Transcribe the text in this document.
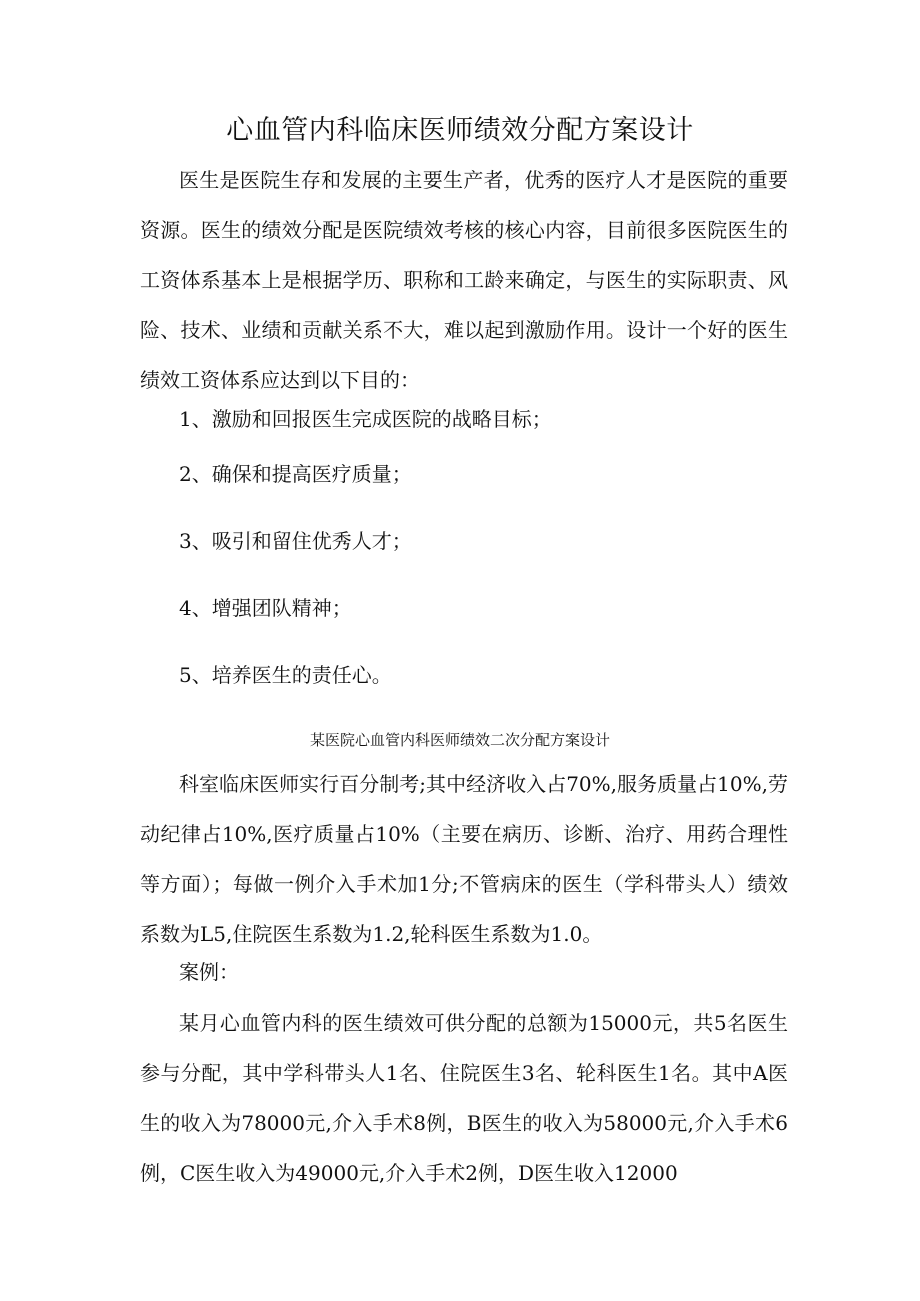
心血管内科临床医师绩效分配方案设计

医生是医院生存和发展的主要生产者，优秀的医疗人才是医院的重要资源。医生的绩效分配是医院绩效考核的核心内容，目前很多医院医生的工资体系基本上是根据学历、职称和工龄来确定，与医生的实际职责、风险、技术、业绩和贡献关系不大，难以起到激励作用。设计一个好的医生绩效工资体系应达到以下目的：

1、激励和回报医生完成医院的战略目标；
2、确保和提高医疗质量；
3、吸引和留住优秀人才；
4、增强团队精神；
5、培养医生的责任心。
某医院心血管内科医师绩效二次分配方案设计

科室临床医师实行百分制考;其中经济收入占70%,服务质量占10%,劳动纪律占10%,医疗质量占10%（主要在病历、诊断、治疗、用药合理性等方面）；每做一例介入手术加1分;不管病床的医生（学科带头人）绩效系数为L5,住院医生系数为1.2,轮科医生系数为1.0。

案例：

某月心血管内科的医生绩效可供分配的总额为15000元，共5名医生参与分配，其中学科带头人1名、住院医生3名、轮科医生1名。其中A医生的收入为78000元,介入手术8例，B医生的收入为58000元,介入手术6例，C医生收入为49000元,介入手术2例，D医生收入12000
